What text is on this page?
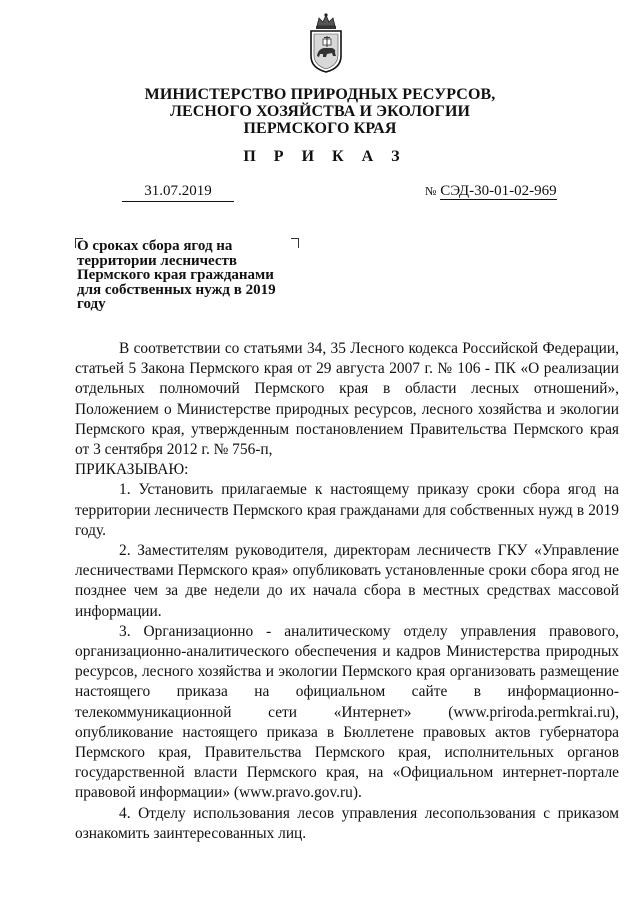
МИНИСТЕРСТВО ПРИРОДНЫХ РЕСУРСОВ,
ЛЕСНОГО ХОЗЯЙСТВА И ЭКОЛОГИИ
ПЕРМСКОГО КРАЯ
П Р И К А З
31.07.2019	№ СЭД-30-01-02-969
О сроках сбора ягод на
территории лесничеств
Пермского края гражданами
для собственных нужд в 2019
году

В соответствии со статьями 34, 35 Лесного кодекса Российской Федерации, статьей 5 Закона Пермского края от 29 августа 2007 г. № 106 - ПК «О реализации отдельных полномочий Пермского края в области лесных отношений», Положением о Министерстве природных ресурсов, лесного хозяйства и экологии Пермского края, утвержденным постановлением Правительства Пермского края от 3 сентября 2012 г. № 756-п,

ПРИКАЗЫВАЮ:

1. Установить прилагаемые к настоящему приказу сроки сбора ягод на территории лесничеств Пермского края гражданами для собственных нужд в 2019 году.

2. Заместителям руководителя, директорам лесничеств ГКУ «Управление лесничествами Пермского края» опубликовать установленные сроки сбора ягод не позднее чем за две недели до их начала сбора в местных средствах массовой информации.

3. Организационно - аналитическому отделу управления правового, организационно-аналитического обеспечения и кадров Министерства природных ресурсов, лесного хозяйства и экологии Пермского края организовать размещение настоящего приказа на официальном сайте в информационно-телекоммуникационной сети «Интернет» (www.priroda.permkrai.ru), опубликование настоящего приказа в Бюллетене правовых актов губернатора Пермского края, Правительства Пермского края, исполнительных органов государственной власти Пермского края, на «Официальном интернет-портале правовой информации» (www.pravo.gov.ru).

4. Отделу использования лесов управления лесопользования с приказом ознакомить заинтересованных лиц.
